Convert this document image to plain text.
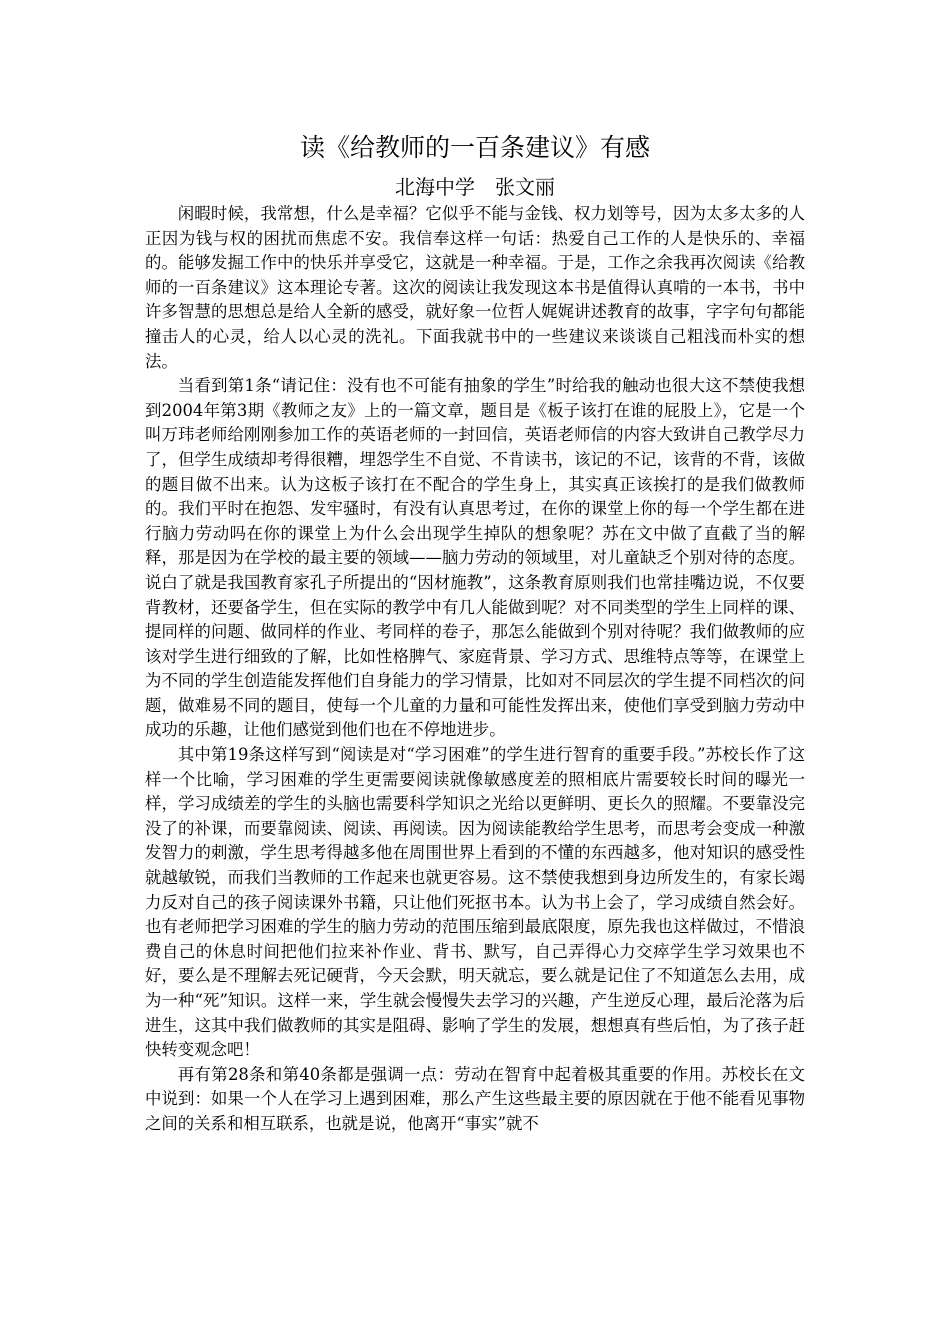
读《给教师的一百条建议》有感
北海中学 张文丽

闲暇时候，我常想，什么是幸福？它似乎不能与金钱、权力划等号，因为太多太多的人正因为钱与权的困扰而焦虑不安。我信奉这样一句话：热爱自己工作的人是快乐的、幸福的。能够发掘工作中的快乐并享受它，这就是一种幸福。于是，工作之余我再次阅读《给教师的一百条建议》这本理论专著。这次的阅读让我发现这本书是值得认真啃的一本书，书中许多智慧的思想总是给人全新的感受，就好象一位哲人娓娓讲述教育的故事，字字句句都能撞击人的心灵，给人以心灵的洗礼。下面我就书中的一些建议来谈谈自己粗浅而朴实的想法。

当看到第1条“请记住：没有也不可能有抽象的学生”时给我的触动也很大这不禁使我想到2004年第3期《教师之友》上的一篇文章，题目是《板子该打在谁的屁股上》，它是一个叫万玮老师给刚刚参加工作的英语老师的一封回信，英语老师信的内容大致讲自己教学尽力了，但学生成绩却考得很糟，埋怨学生不自觉、不肯读书，该记的不记，该背的不背，该做的题目做不出来。认为这板子该打在不配合的学生身上，其实真正该挨打的是我们做教师的。我们平时在抱怨、发牢骚时，有没有认真思考过，在你的课堂上你的每一个学生都在进行脑力劳动吗在你的课堂上为什么会出现学生掉队的想象呢？苏在文中做了直截了当的解释，那是因为在学校的最主要的领域——脑力劳动的领域里，对儿童缺乏个别对待的态度。说白了就是我国教育家孔子所提出的“因材施教”，这条教育原则我们也常挂嘴边说，不仅要背教材，还要备学生，但在实际的教学中有几人能做到呢？对不同类型的学生上同样的课、提同样的问题、做同样的作业、考同样的卷子，那怎么能做到个别对待呢？我们做教师的应该对学生进行细致的了解，比如性格脾气、家庭背景、学习方式、思维特点等等，在课堂上为不同的学生创造能发挥他们自身能力的学习情景，比如对不同层次的学生提不同档次的问题，做难易不同的题目，使每一个儿童的力量和可能性发挥出来，使他们享受到脑力劳动中成功的乐趣，让他们感觉到他们也在不停地进步。

其中第19条这样写到“阅读是对“学习困难”的学生进行智育的重要手段。”苏校长作了这样一个比喻，学习困难的学生更需要阅读就像敏感度差的照相底片需要较长时间的曝光一样，学习成绩差的学生的头脑也需要科学知识之光给以更鲜明、更长久的照耀。不要靠没完没了的补课，而要靠阅读、阅读、再阅读。因为阅读能教给学生思考，而思考会变成一种激发智力的刺激，学生思考得越多他在周围世界上看到的不懂的东西越多，他对知识的感受性就越敏锐，而我们当教师的工作起来也就更容易。这不禁使我想到身边所发生的，有家长竭力反对自己的孩子阅读课外书籍，只让他们死抠书本。认为书上会了，学习成绩自然会好。也有老师把学习困难的学生的脑力劳动的范围压缩到最底限度，原先我也这样做过，不惜浪费自己的休息时间把他们拉来补作业、背书、默写，自己弄得心力交瘁学生学习效果也不好，要么是不理解去死记硬背，今天会默，明天就忘，要么就是记住了不知道怎么去用，成为一种“死”知识。这样一来，学生就会慢慢失去学习的兴趣，产生逆反心理，最后沦落为后进生，这其中我们做教师的其实是阻碍、影响了学生的发展，想想真有些后怕，为了孩子赶快转变观念吧！

再有第28条和第40条都是强调一点：劳动在智育中起着极其重要的作用。苏校长在文中说到：如果一个人在学习上遇到困难，那么产生这些最主要的原因就在于他不能看见事物之间的关系和相互联系，也就是说，他离开“事实”就不
